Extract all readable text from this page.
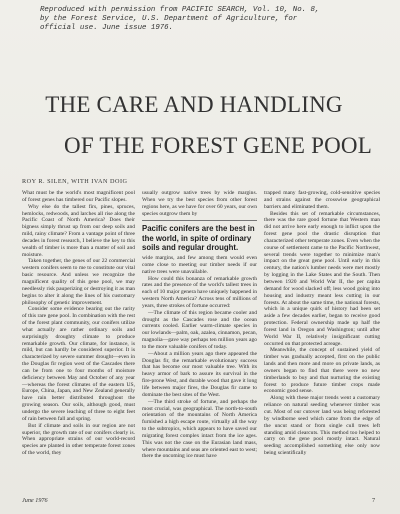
Reproduced with permission from PACIFIC SEARCH, Vol. 10, No. 8,
by the Forest Service, U.S. Department of Agriculture, for
official use. June issue 1976.
THE CARE AND HANDLING
OF THE FOREST GENE POOL
ROY R. SILEN, WITH IVAN DOIG

What must be the world's most magnificent pool of forest genes has timbered our Pacific slopes.

Why else do the tallest firs, pines, spruces, hemlocks, redwoods, and larches all rise along the Pacific Coast of North America? Does their bigness simply thrust up from our deep soils and mild, rainy climate? From a vantage point of three decades in forest research, I believe the key to this wealth of timber is more than a matter of soil and moisture.

Taken together, the genes of our 22 commercial western conifers seem to me to constitute our vital basic resource. And unless we recognize the magnificent quality of this gene pool, we may needlessly risk pauperizing or destroying it as man begins to alter it along the lines of his customary philosophy of genetic improvement.

Consider some evidence bearing out the rarity of this rare gene pool. In combination with the rest of the forest plant community, our conifers utilize what actually are rather ordinary soils and surprisingly droughty climate to produce remarkable growth. Our climate, for instance, is mild, but can hardly be considered superior. It is characterized by severe summer drought—even in the Douglas fir region west of the Cascades there can be from one to four months of moisture deficiency between May and October of any year—whereas the forest climates of the eastern US, Europe, China, Japan, and New Zealand generally have rain better distributed throughout the growing season. Our soils, although good, must undergo the severe leaching of three to eight feet of rain between fall and spring.

But if climate and soils in our region are not superior, the growth rate of our conifers clearly is. When appropriate strains of our world-record species are planted in other temperate forest zones of the world, they

usually outgrow native trees by wide margins. When we try the best species from other forest regions here, as we have for over 60 years, our own species outgrow them by

Pacific conifers are the best in the world, in spite of ordinary soils and regular drought.

wide margins, and few among them would even come close to meeting our timber needs if our native trees were unavailable.

How could this bonanza of remarkable growth rates and the presence of the world's tallest trees in each of 10 major genera have uniquely happened in western North America? Across tens of millions of years, three strokes of fortune occurred:

—The climate of this region became cooler and drought as the Cascades rose and the ocean currents cooled. Earlier warm-climate species in our lowlands—palm, oak, azalea, cinnamon, pecan, magnolia—gave way perhaps ten million years ago to the more valuable conifers of today.

—About a million years ago there appeared the Douglas fir, the remarkable evolutionary success that has become our most valuable tree. With its heavy armor of bark to assure its survival in the fire-prone West, and durable wood that gave it long life between major fires, the Douglas fir came to dominate the best sites of the West.

—The third stroke of fortune, and perhaps the most crucial, was geographical. The north-to-south orientation of the mountains of North America furnished a high escape route, virtually all the way to the subtropics, which appears to have saved our migrating forest complex intact from the ice ages. This was not the case on the Eurasian land mass, where mountains and seas are oriented east to west; there the oncoming ice must have

trapped many fast-growing, cold-sensitive species and strains against the crosswise geographical barriers and eliminated them.

Besides this set of remarkable circumstances, there was the rare good fortune that Western man did not arrive here early enough to inflict upon the forest gene pool the drastic disruption that characterized other temperate zones. Even when the course of settlement came to the Pacific Northwest, several trends were together to minimize man's impact on the great gene pool. Until early in this century, the nation's lumber needs were met mostly by logging in the Lake States and the South. Then between 1920 and World War II, the per capita demand for wood slacked off; less wood going into housing and industry meant less cutting in our forests. At about the same time, the national forests, which in a unique quirk of history had been set aside a few decades earlier, began to receive good protection. Federal ownership made up half the forest land in Oregon and Washington; until after World War II, relatively insignificant cutting occurred on that protected acreage.

Meanwhile, the concept of sustained yield of timber was gradually accepted, first on the public lands and then more and more on private lands, as owners began to find that there were no new timberlands to buy and that nurturing the existing forest to produce future timber crops made economic good sense.

Along with these major trends went a customary reliance on natural seeding whenever timber was cut. Most of our cutover land was being reforested by windborne seed which came from the edge of the uncut stand or from single cull trees left standing amid clearcuts. This method too helped to carry on the gene pool mostly intact. Natural seeding accomplished something else only now being scientifically

June 1976	7
